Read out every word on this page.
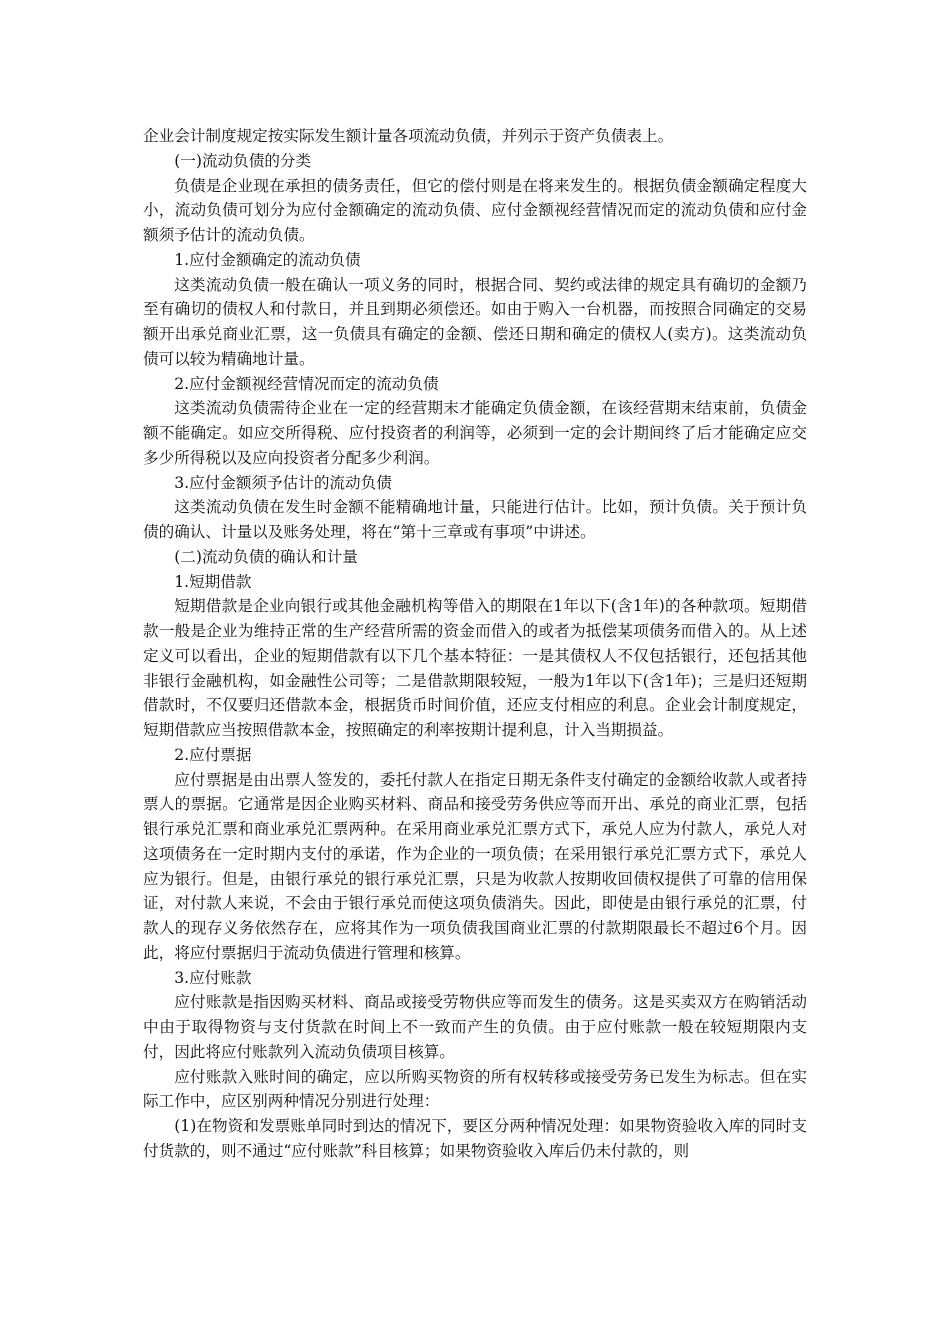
企业会计制度规定按实际发生额计量各项流动负债，并列示于资产负债表上。

(一)流动负债的分类

负债是企业现在承担的债务责任，但它的偿付则是在将来发生的。根据负债金额确定程度大小，流动负债可划分为应付金额确定的流动负债、应付金额视经营情况而定的流动负债和应付金额须予估计的流动负债。

1.应付金额确定的流动负债

这类流动负债一般在确认一项义务的同时，根据合同、契约或法律的规定具有确切的金额乃至有确切的债权人和付款日，并且到期必须偿还。如由于购入一台机器，而按照合同确定的交易额开出承兑商业汇票，这一负债具有确定的金额、偿还日期和确定的债权人(卖方)。这类流动负债可以较为精确地计量。

2.应付金额视经营情况而定的流动负债

这类流动负债需待企业在一定的经营期末才能确定负债金额，在该经营期末结束前，负债金额不能确定。如应交所得税、应付投资者的利润等，必须到一定的会计期间终了后才能确定应交多少所得税以及应向投资者分配多少利润。

3.应付金额须予估计的流动负债

这类流动负债在发生时金额不能精确地计量，只能进行估计。比如，预计负债。关于预计负债的确认、计量以及账务处理，将在“第十三章或有事项”中讲述。

(二)流动负债的确认和计量

1.短期借款

短期借款是企业向银行或其他金融机构等借入的期限在1年以下(含1年)的各种款项。短期借款一般是企业为维持正常的生产经营所需的资金而借入的或者为抵偿某项债务而借入的。从上述定义可以看出，企业的短期借款有以下几个基本特征：一是其债权人不仅包括银行，还包括其他非银行金融机构，如金融性公司等；二是借款期限较短，一般为1年以下(含1年)；三是归还短期借款时，不仅要归还借款本金，根据货币时间价值，还应支付相应的利息。企业会计制度规定，短期借款应当按照借款本金，按照确定的利率按期计提利息，计入当期损益。

2.应付票据

应付票据是由出票人签发的，委托付款人在指定日期无条件支付确定的金额给收款人或者持票人的票据。它通常是因企业购买材料、商品和接受劳务供应等而开出、承兑的商业汇票，包括银行承兑汇票和商业承兑汇票两种。在采用商业承兑汇票方式下，承兑人应为付款人，承兑人对这项债务在一定时期内支付的承诺，作为企业的一项负债；在采用银行承兑汇票方式下，承兑人应为银行。但是，由银行承兑的银行承兑汇票，只是为收款人按期收回债权提供了可靠的信用保证，对付款人来说，不会由于银行承兑而使这项负债消失。因此，即使是由银行承兑的汇票，付款人的现存义务依然存在，应将其作为一项负债我国商业汇票的付款期限最长不超过6个月。因此，将应付票据归于流动负债进行管理和核算。

3.应付账款

应付账款是指因购买材料、商品或接受劳物供应等而发生的债务。这是买卖双方在购销活动中由于取得物资与支付货款在时间上不一致而产生的负债。由于应付账款一般在较短期限内支付，因此将应付账款列入流动负债项目核算。

应付账款入账时间的确定，应以所购买物资的所有权转移或接受劳务已发生为标志。但在实际工作中，应区别两种情况分别进行处理：

(1)在物资和发票账单同时到达的情况下，要区分两种情况处理：如果物资验收入库的同时支付货款的，则不通过“应付账款”科目核算；如果物资验收入库后仍未付款的，则
